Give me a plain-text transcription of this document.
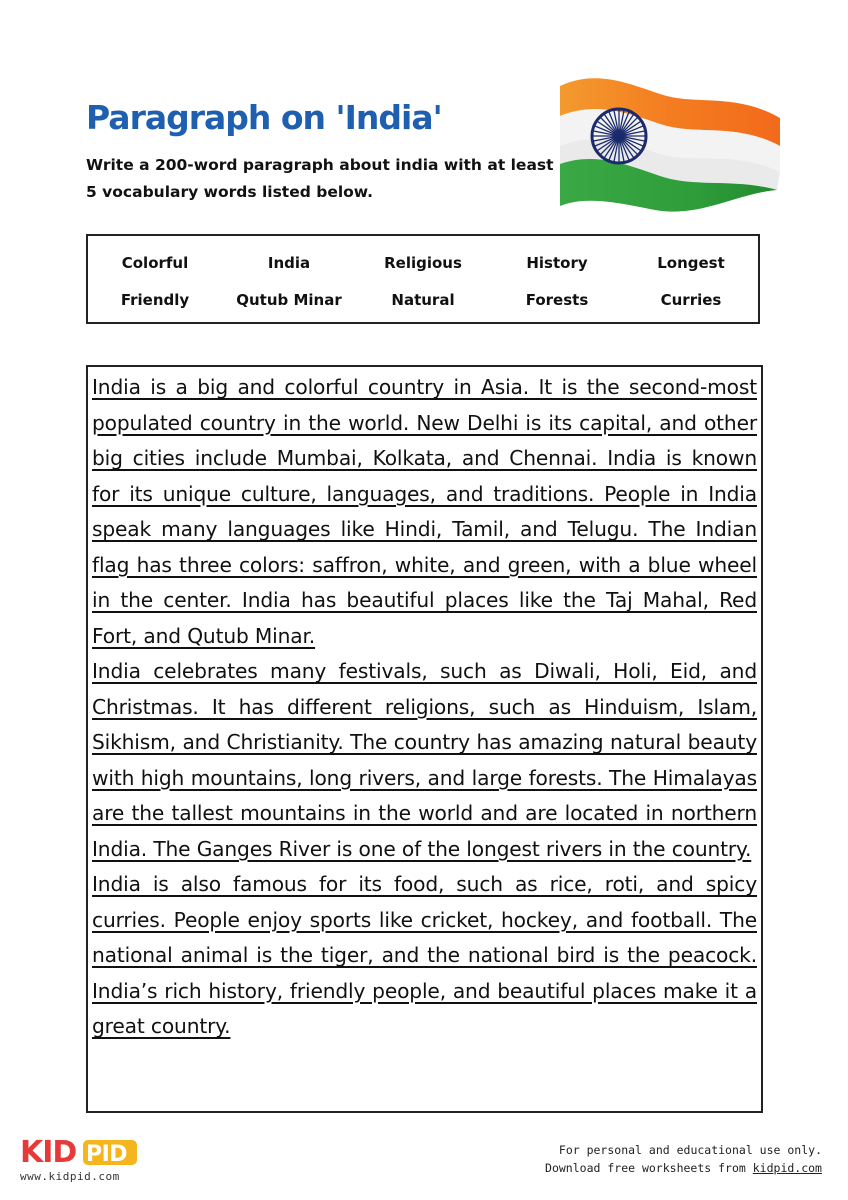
Paragraph on 'India'
Write a 200-word paragraph about india with at least 5 vocabulary words listed below.
Colorful	India	Religious	History	Longest
Friendly	Qutub Minar	Natural	Forests	Curries

India is a big and colorful country in Asia. It is the second-most populated country in the world. New Delhi is its capital, and other big cities include Mumbai, Kolkata, and Chennai. India is known for its unique culture, languages, and traditions. People in India speak many languages like Hindi, Tamil, and Telugu. The Indian flag has three colors: saffron, white, and green, with a blue wheel in the center. India has beautiful places like the Taj Mahal, Red Fort, and Qutub Minar.

India celebrates many festivals, such as Diwali, Holi, Eid, and Christmas. It has different religions, such as Hinduism, Islam, Sikhism, and Christianity. The country has amazing natural beauty with high mountains, long rivers, and large forests. The Himalayas are the tallest mountains in the world and are located in northern India. The Ganges River is one of the longest rivers in the country.

India is also famous for its food, such as rice, roti, and spicy curries. People enjoy sports like cricket, hockey, and football. The national animal is the tiger, and the national bird is the peacock. India’s rich history, friendly people, and beautiful places make it a great country.

KID PID
www.kidpid.com
For personal and educational use only.
Download free worksheets from kidpid.com
